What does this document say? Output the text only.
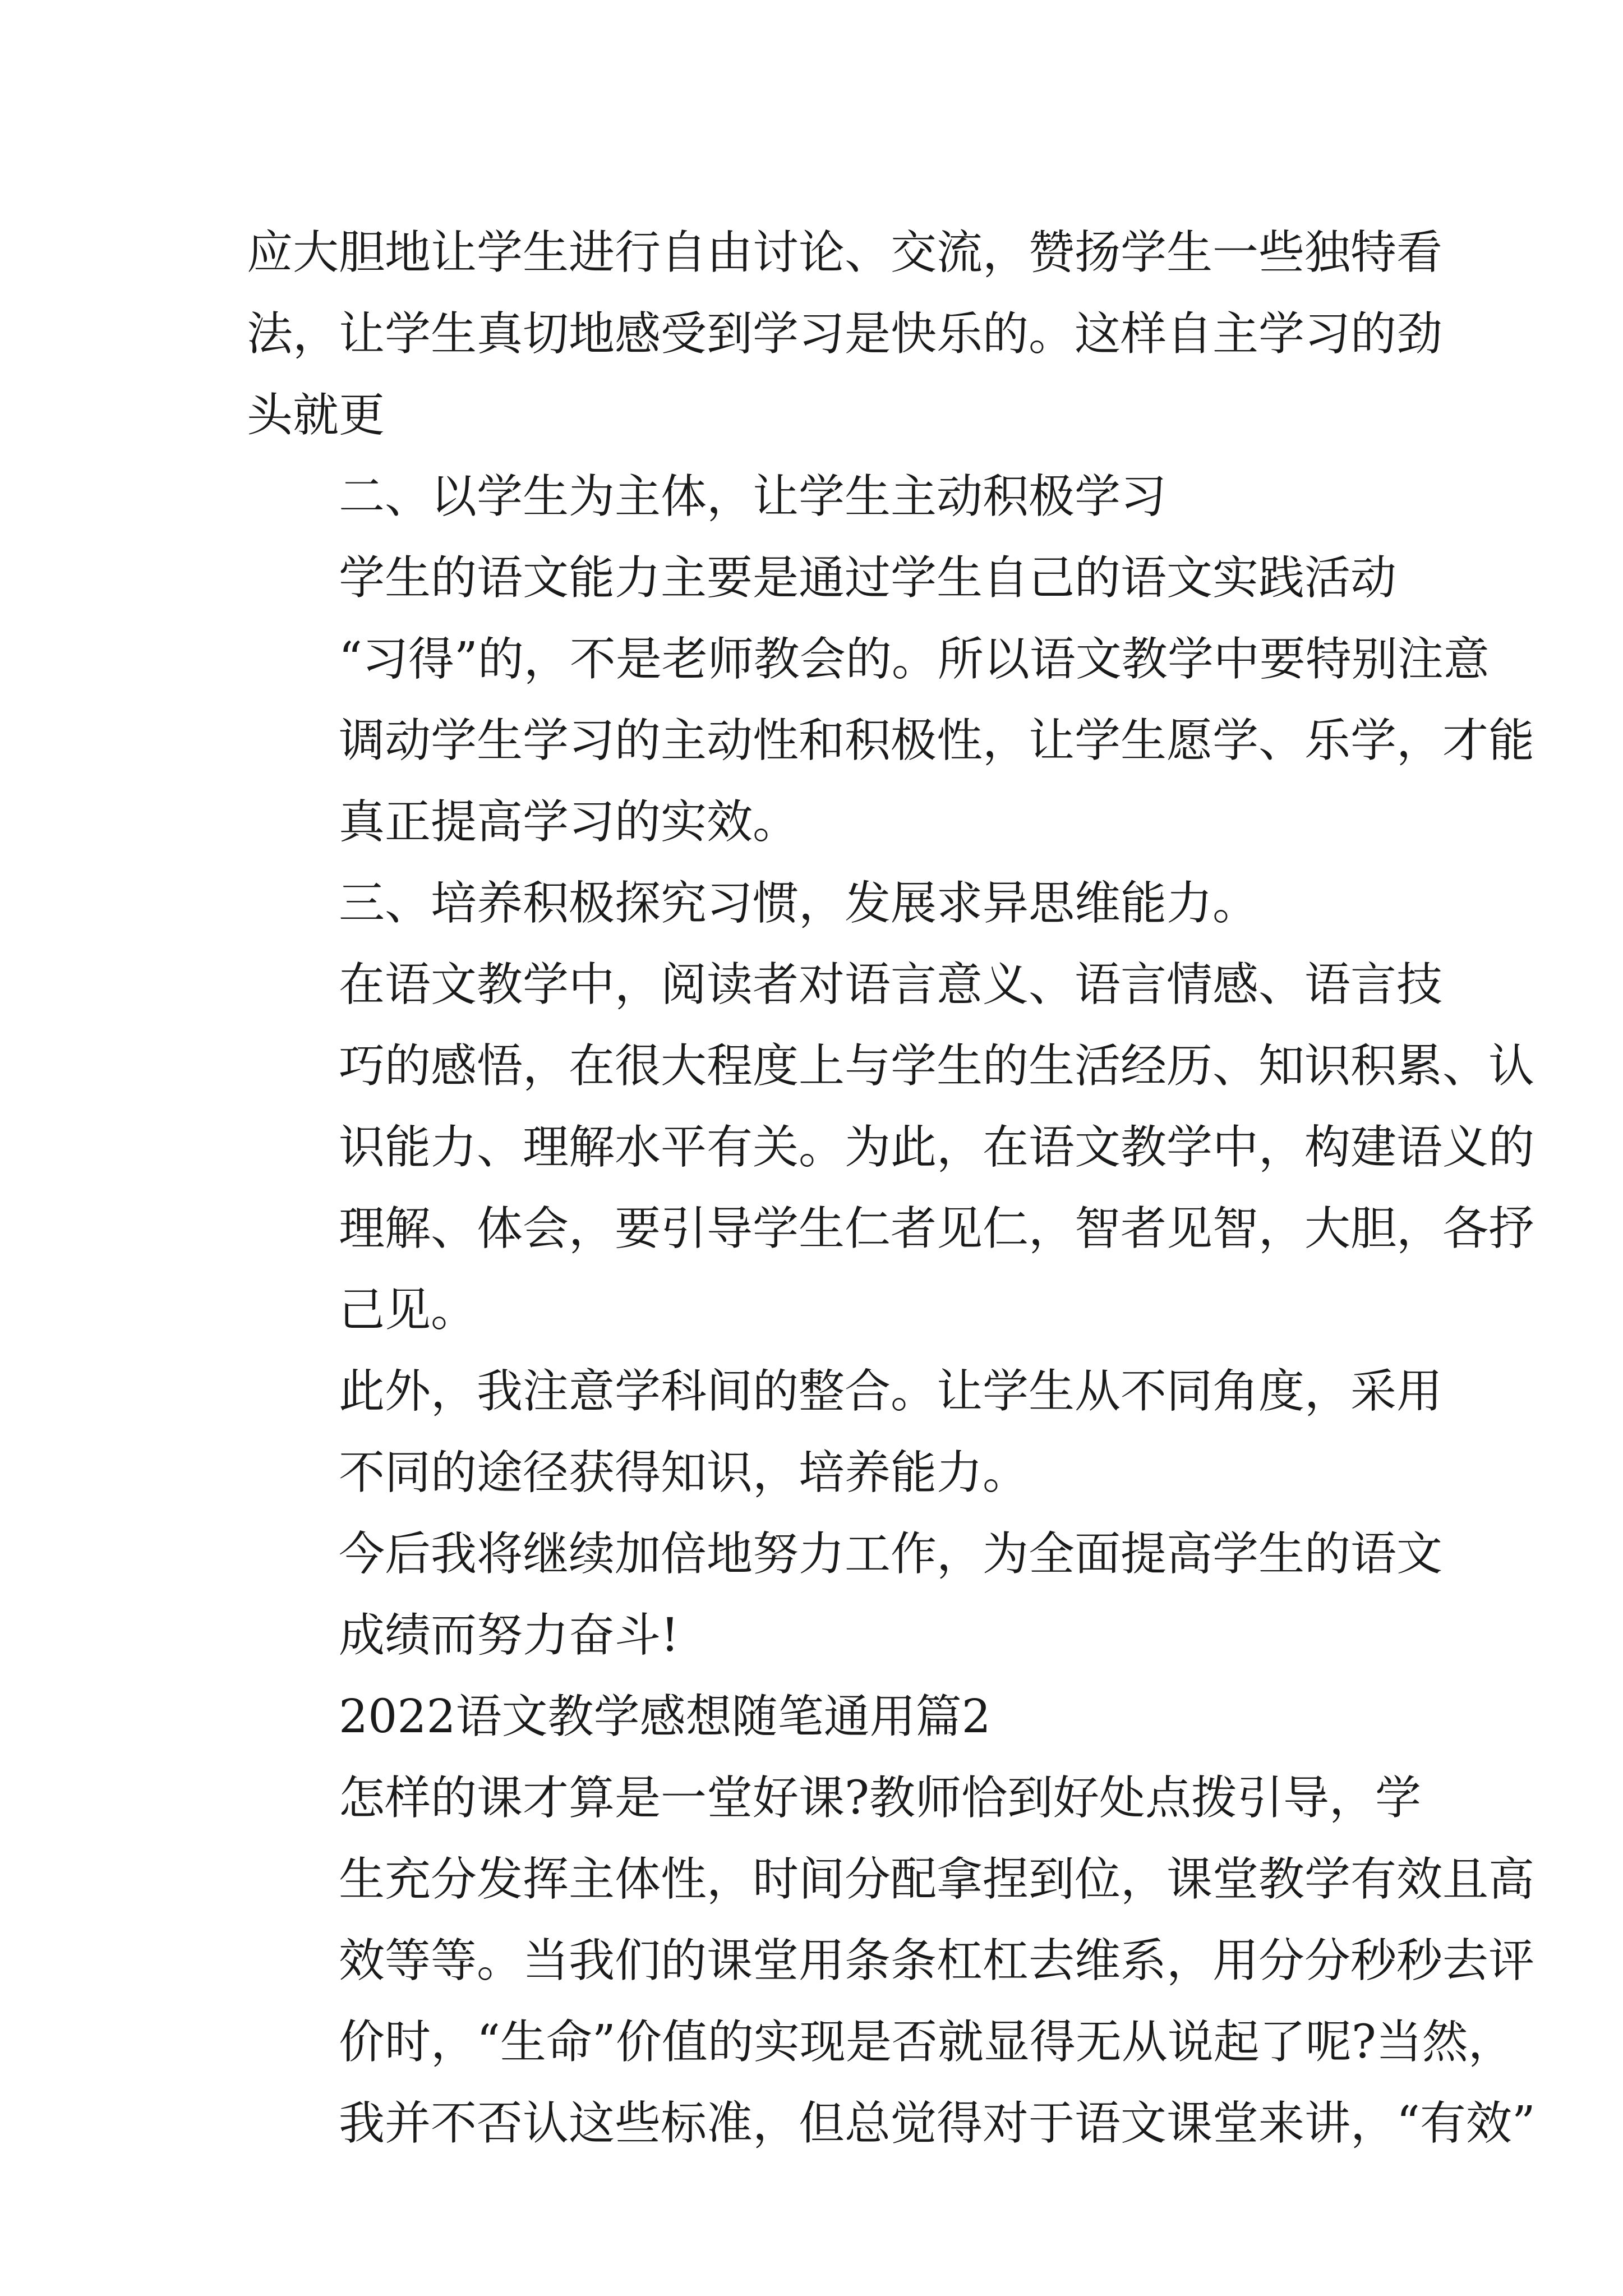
应大胆地让学生进行自由讨论、交流，赞扬学生一些独特看
法，让学生真切地感受到学习是快乐的。这样自主学习的劲
头就更

二、以学生为主体，让学生主动积极学习

学生的语文能力主要是通过学生自己的语文实践活动
“习得”的，不是老师教会的。所以语文教学中要特别注意
调动学生学习的主动性和积极性，让学生愿学、乐学，才能
真正提高学习的实效。

三、培养积极探究习惯，发展求异思维能力。

在语文教学中，阅读者对语言意义、语言情感、语言技
巧的感悟，在很大程度上与学生的生活经历、知识积累、认
识能力、理解水平有关。为此，在语文教学中，构建语义的
理解、体会，要引导学生仁者见仁，智者见智，大胆，各抒
己见。

此外，我注意学科间的整合。让学生从不同角度，采用
不同的途径获得知识，培养能力。

今后我将继续加倍地努力工作，为全面提高学生的语文
成绩而努力奋斗!

2022语文教学感想随笔通用篇2

怎样的课才算是一堂好课?教师恰到好处点拨引导，学
生充分发挥主体性，时间分配拿捏到位，课堂教学有效且高
效等等。当我们的课堂用条条杠杠去维系，用分分秒秒去评
价时，“生命”价值的实现是否就显得无从说起了呢?当然，
我并不否认这些标准，但总觉得对于语文课堂来讲，“有效”
